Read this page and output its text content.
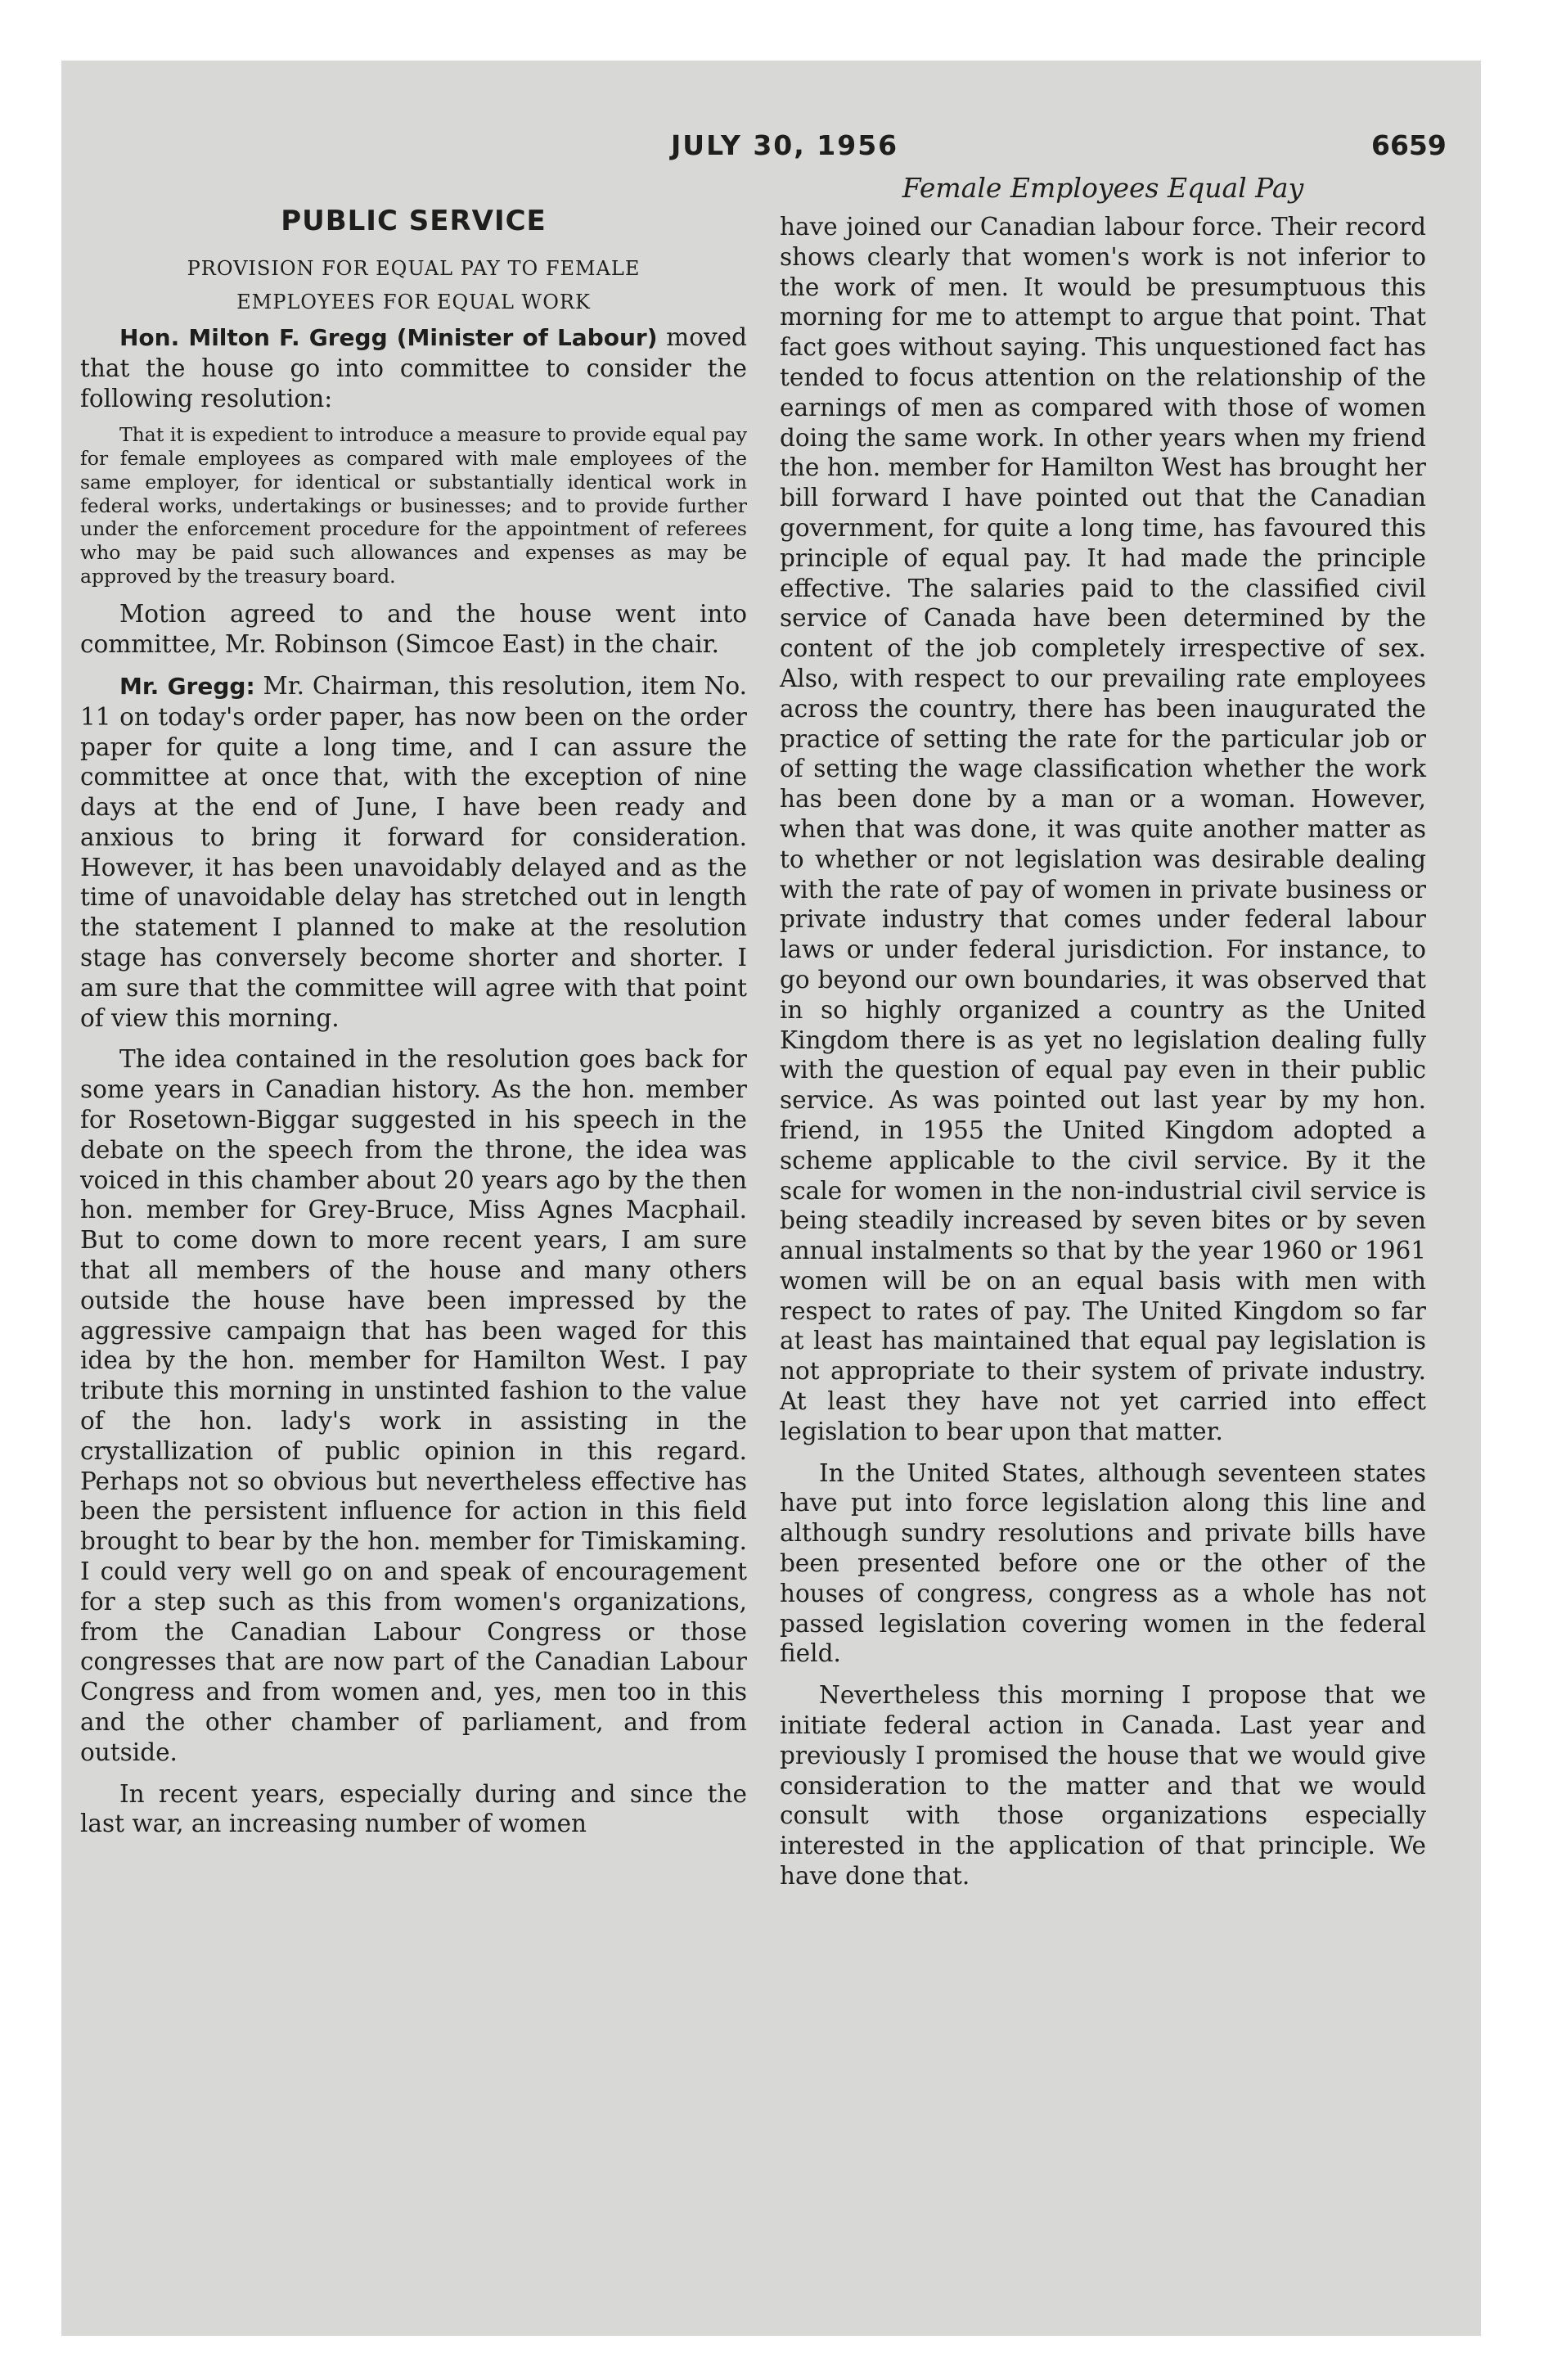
JULY 30, 1956	6659
PUBLIC SERVICE
PROVISION FOR EQUAL PAY TO FEMALE
EMPLOYEES FOR EQUAL WORK

Hon. Milton F. Gregg (Minister of Labour) moved that the house go into committee to consider the following resolution:

That it is expedient to introduce a measure to provide equal pay for female employees as compared with male employees of the same employer, for identical or substantially identical work in federal works, undertakings or businesses; and to provide further under the enforcement procedure for the appointment of referees who may be paid such allowances and expenses as may be approved by the treasury board.

Motion agreed to and the house went into committee, Mr. Robinson (Simcoe East) in the chair.

Mr. Gregg: Mr. Chairman, this resolution, item No. 11 on today's order paper, has now been on the order paper for quite a long time, and I can assure the committee at once that, with the exception of nine days at the end of June, I have been ready and anxious to bring it forward for consideration. However, it has been unavoidably delayed and as the time of unavoidable delay has stretched out in length the statement I planned to make at the resolution stage has conversely become shorter and shorter. I am sure that the committee will agree with that point of view this morning.

The idea contained in the resolution goes back for some years in Canadian history. As the hon. member for Rosetown-Biggar suggested in his speech in the debate on the speech from the throne, the idea was voiced in this chamber about 20 years ago by the then hon. member for Grey-Bruce, Miss Agnes Macphail. But to come down to more recent years, I am sure that all members of the house and many others outside the house have been impressed by the aggressive campaign that has been waged for this idea by the hon. member for Hamilton West. I pay tribute this morning in unstinted fashion to the value of the hon. lady's work in assisting in the crystallization of public opinion in this regard. Perhaps not so obvious but nevertheless effective has been the persistent influence for action in this field brought to bear by the hon. member for Timiskaming. I could very well go on and speak of encouragement for a step such as this from women's organizations, from the Canadian Labour Congress or those congresses that are now part of the Canadian Labour Congress and from women and, yes, men too in this and the other chamber of parliament, and from outside.

In recent years, especially during and since the last war, an increasing number of women

Female Employees Equal Pay

have joined our Canadian labour force. Their record shows clearly that women's work is not inferior to the work of men. It would be presumptuous this morning for me to attempt to argue that point. That fact goes without saying. This unquestioned fact has tended to focus attention on the relationship of the earnings of men as compared with those of women doing the same work. In other years when my friend the hon. member for Hamilton West has brought her bill forward I have pointed out that the Canadian government, for quite a long time, has favoured this principle of equal pay. It had made the principle effective. The salaries paid to the classified civil service of Canada have been determined by the content of the job completely irrespective of sex. Also, with respect to our prevailing rate employees across the country, there has been inaugurated the practice of setting the rate for the particular job or of setting the wage classification whether the work has been done by a man or a woman. However, when that was done, it was quite another matter as to whether or not legislation was desirable dealing with the rate of pay of women in private business or private industry that comes under federal labour laws or under federal jurisdiction. For instance, to go beyond our own boundaries, it was observed that in so highly organized a country as the United Kingdom there is as yet no legislation dealing fully with the question of equal pay even in their public service. As was pointed out last year by my hon. friend, in 1955 the United Kingdom adopted a scheme applicable to the civil service. By it the scale for women in the non-industrial civil service is being steadily increased by seven bites or by seven annual instalments so that by the year 1960 or 1961 women will be on an equal basis with men with respect to rates of pay. The United Kingdom so far at least has maintained that equal pay legislation is not appropriate to their system of private industry. At least they have not yet carried into effect legislation to bear upon that matter.

In the United States, although seventeen states have put into force legislation along this line and although sundry resolutions and private bills have been presented before one or the other of the houses of congress, congress as a whole has not passed legislation covering women in the federal field.

Nevertheless this morning I propose that we initiate federal action in Canada. Last year and previously I promised the house that we would give consideration to the matter and that we would consult with those organizations especially interested in the application of that principle. We have done that.
